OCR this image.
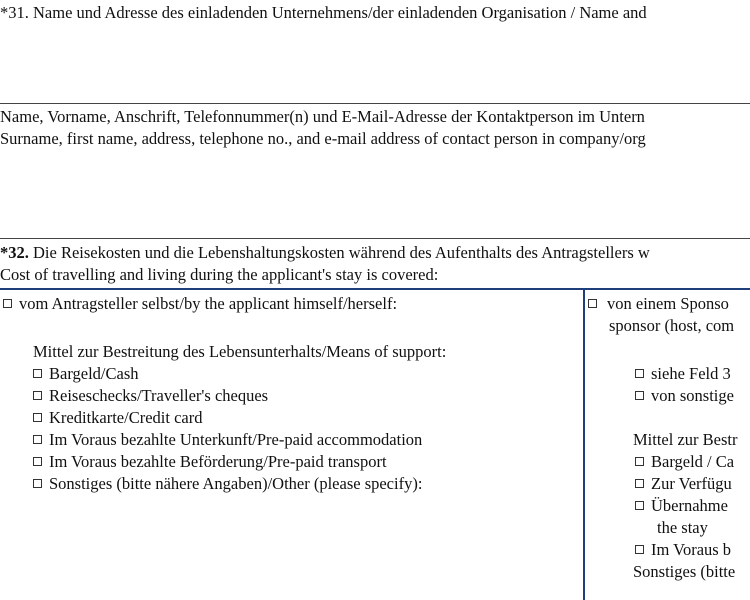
*31. Name und Adresse des einladenden Unternehmens/der einladenden Organisation / Name and
Name, Vorname, Anschrift, Telefonnummer(n) und E-Mail-Adresse der Kontaktperson im Untern
Surname, first name, address, telephone no., and e-mail address of contact person in company/org
*32. Die Reisekosten und die Lebenshaltungskosten während des Aufenthalts des Antragstellers w
Cost of travelling and living during the applicant's stay is covered:
vom Antragsteller selbst/by the applicant himself/herself:
Mittel zur Bestreitung des Lebensunterhalts/Means of support:
Bargeld/Cash
Reiseschecks/Traveller's cheques
Kreditkarte/Credit card
Im Voraus bezahlte Unterkunft/Pre-paid accommodation
Im Voraus bezahlte Beförderung/Pre-paid transport
Sonstiges (bitte nähere Angaben)/Other (please specify):
von einem Sponso
sponsor (host, com
siehe Feld 3
von sonstige
Mittel zur Bestr
Bargeld / Ca
Zur Verfügu
Übernahme
the stay
Im Voraus b
Sonstiges (bitte
